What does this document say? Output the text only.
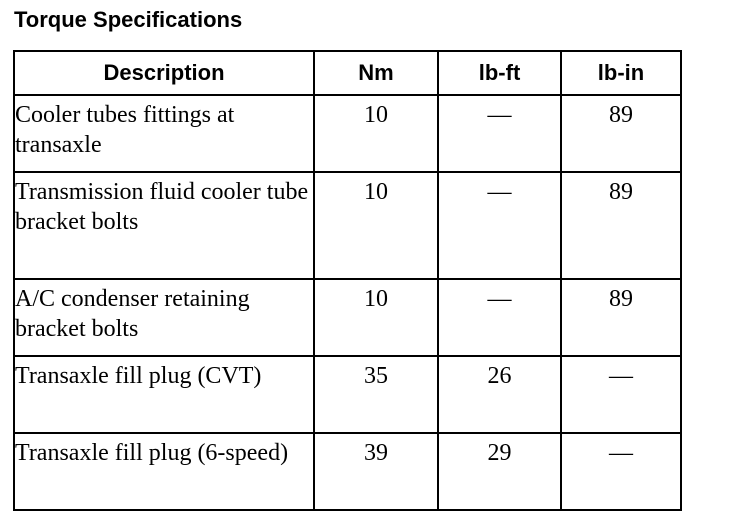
Torque Specifications
Description	Nm	lb-ft	lb-in
Cooler tubes fittings at transaxle	10	—	89
Transmission fluid cooler tube bracket bolts	10	—	89
A/C condenser retaining bracket bolts	10	—	89
Transaxle fill plug (CVT)	35	26	—
Transaxle fill plug (6-speed)	39	29	—
